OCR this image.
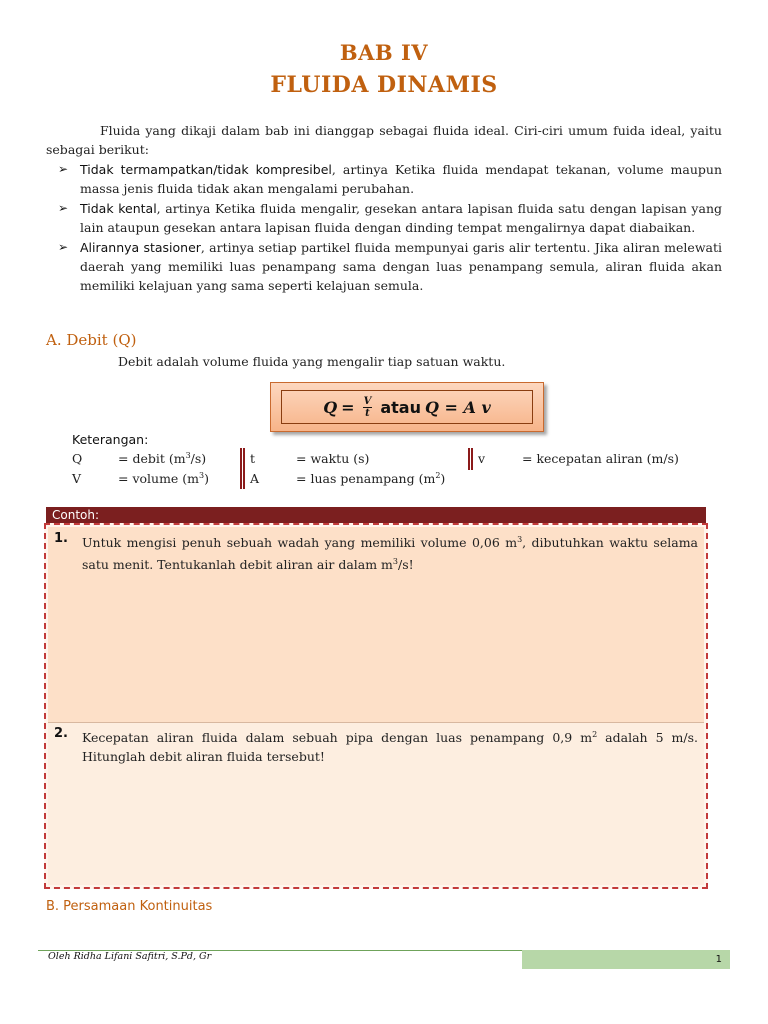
BAB IV
FLUIDA DINAMIS

Fluida yang dikaji dalam bab ini dianggap sebagai fluida ideal. Ciri-ciri umum fuida ideal, yaitu sebagai berikut:

➢ Tidak termampatkan/tidak kompresibel, artinya Ketika fluida mendapat tekanan, volume maupun massa jenis fluida tidak akan mengalami perubahan.
➢ Tidak kental, artinya Ketika fluida mengalir, gesekan antara lapisan fluida satu dengan lapisan yang lain ataupun gesekan antara lapisan fluida dengan dinding tempat mengalirnya dapat diabaikan.
➢ Alirannya stasioner, artinya setiap partikel fluida mempunyai garis alir tertentu. Jika aliran melewati daerah yang memiliki luas penampang sama dengan luas penampang semula, aliran fluida akan memiliki kelajuan yang sama seperti kelajuan semula.
A. Debit (Q)
Debit adalah volume fluida yang mengalir tiap satuan waktu.
$Q = \frac{V}{t}$ atau Q = A v
Keterangan:
Q	= debit $(m^3/s)$	t	= waktu (s)	v	= kecepatan aliran (m/s)
V	= volume $(m^3)$	A	= luas penampang $(m^2)$
Contoh:
1. Untuk mengisi penuh sebuah wadah yang memiliki volume 0,06 $m^3$, dibutuhkan waktu selama satu menit. Tentukanlah debit aliran air dalam $m^3/s$!
2. Kecepatan aliran fluida dalam sebuah pipa dengan luas penampang 0,9 $m^2$ adalah 5 m/s. Hitunglah debit aliran fluida tersebut!
B. Persamaan Kontinuitas
Oleh Ridha Lifani Safitri, S.Pd, Gr	1
